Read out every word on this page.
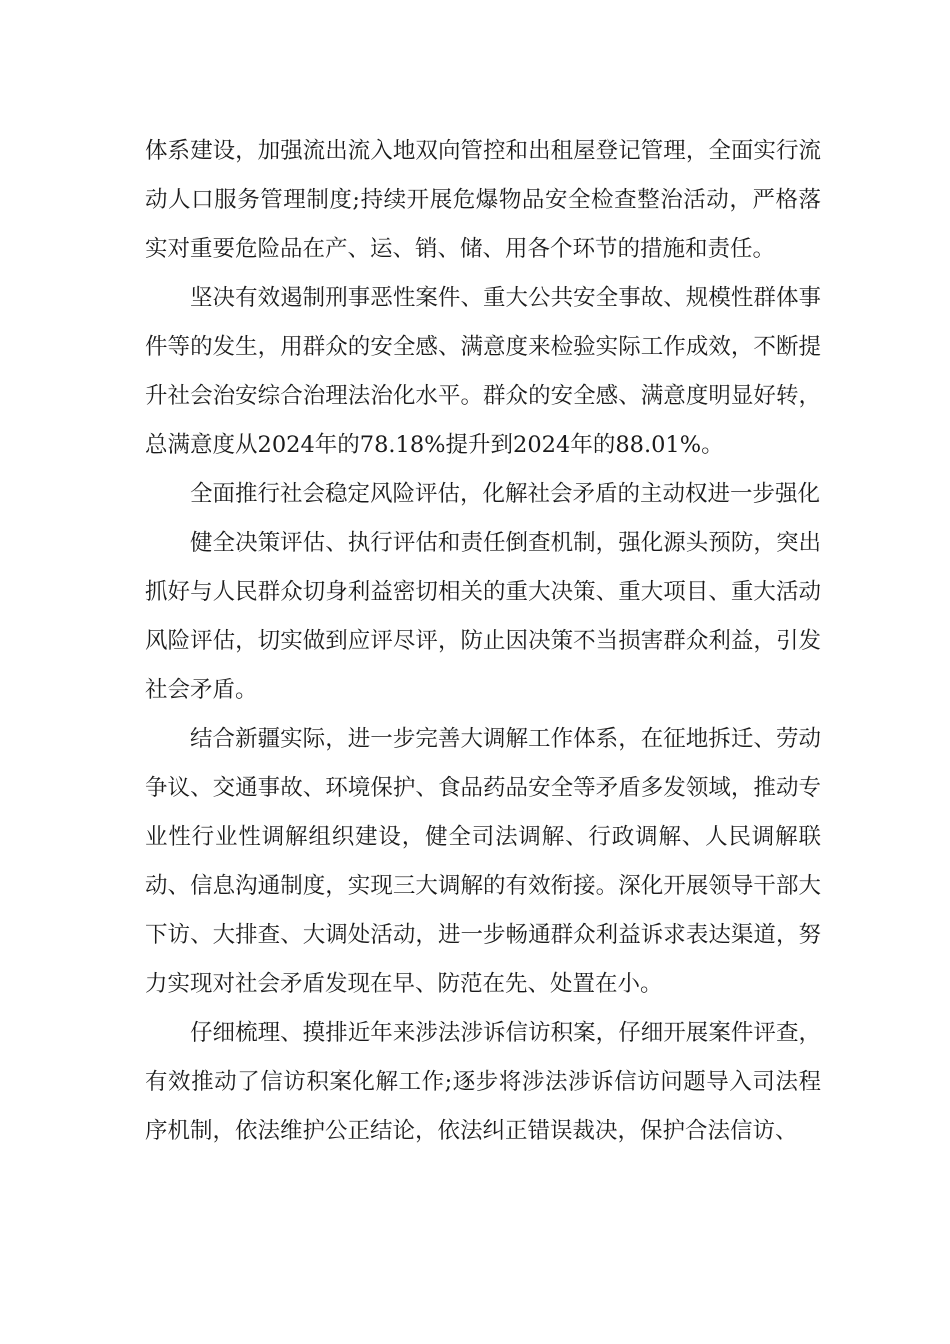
体系建设，加强流出流入地双向管控和出租屋登记管理，全面实行流动人口服务管理制度;持续开展危爆物品安全检查整治活动，严格落实对重要危险品在产、运、销、储、用各个环节的措施和责任。

坚决有效遏制刑事恶性案件、重大公共安全事故、规模性群体事件等的发生，用群众的安全感、满意度来检验实际工作成效，不断提升社会治安综合治理法治化水平。群众的安全感、满意度明显好转，总满意度从2024年的78.18%提升到2024年的88.01%。

全面推行社会稳定风险评估，化解社会矛盾的主动权进一步强化

健全决策评估、执行评估和责任倒查机制，强化源头预防，突出抓好与人民群众切身利益密切相关的重大决策、重大项目、重大活动风险评估，切实做到应评尽评，防止因决策不当损害群众利益，引发社会矛盾。

结合新疆实际，进一步完善大调解工作体系，在征地拆迁、劳动争议、交通事故、环境保护、食品药品安全等矛盾多发领域，推动专业性行业性调解组织建设，健全司法调解、行政调解、人民调解联动、信息沟通制度，实现三大调解的有效衔接。深化开展领导干部大下访、大排查、大调处活动，进一步畅通群众利益诉求表达渠道，努力实现对社会矛盾发现在早、防范在先、处置在小。

仔细梳理、摸排近年来涉法涉诉信访积案，仔细开展案件评查，有效推动了信访积案化解工作;逐步将涉法涉诉信访问题导入司法程序机制，依法维护公正结论，依法纠正错误裁决，保护合法信访、
